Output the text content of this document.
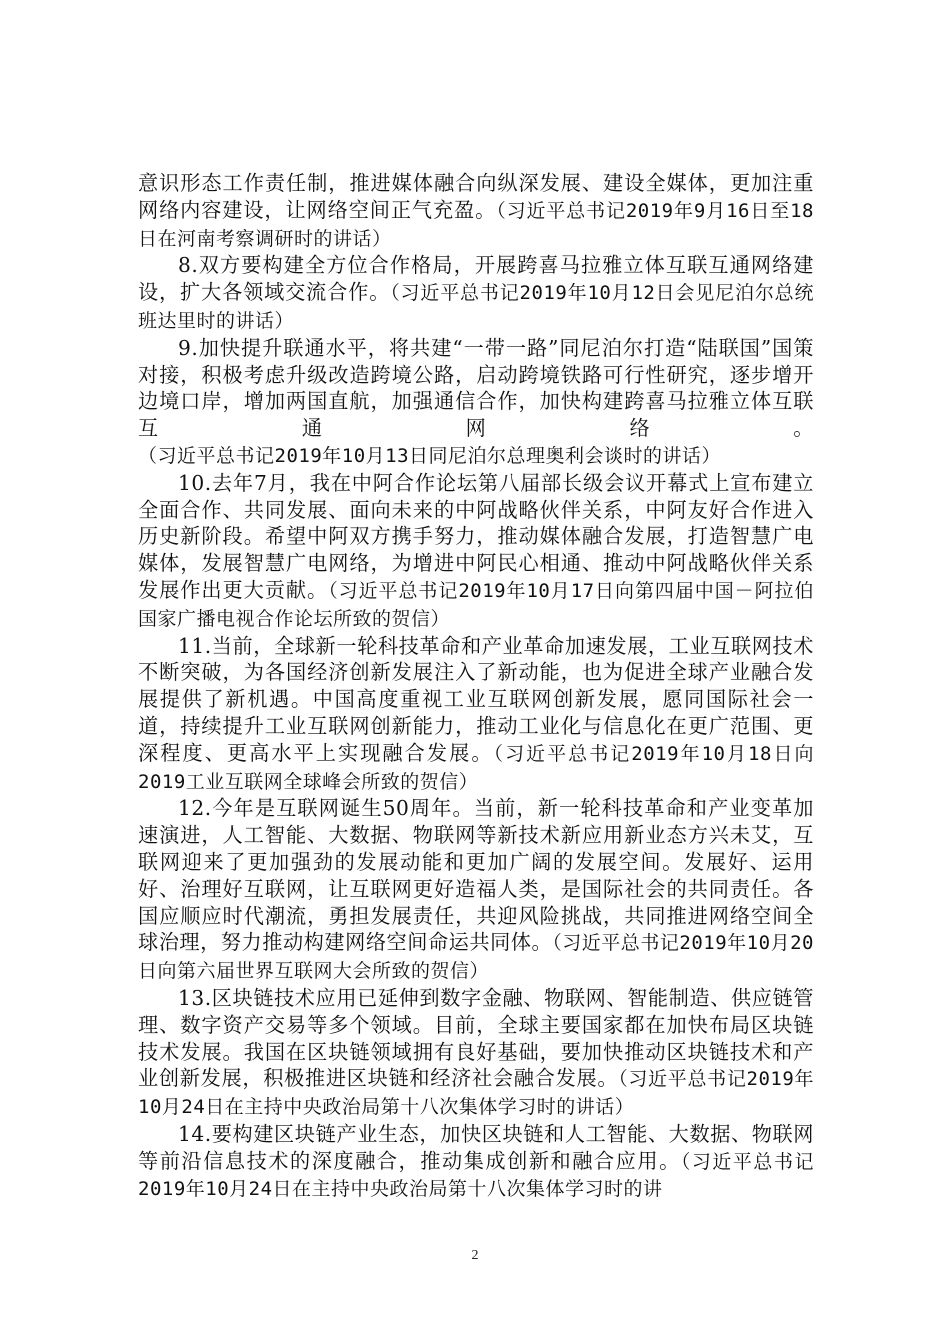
意识形态工作责任制，推进媒体融合向纵深发展、建设全媒体，更加注重网络内容建设，让网络空间正气充盈。（习近平总书记2019年9月16日至18日在河南考察调研时的讲话）

8.双方要构建全方位合作格局，开展跨喜马拉雅立体互联互通网络建设，扩大各领域交流合作。（习近平总书记2019年10月12日会见尼泊尔总统班达里时的讲话）

9.加快提升联通水平，将共建“一带一路”同尼泊尔打造“陆联国”国策对接，积极考虑升级改造跨境公路，启动跨境铁路可行性研究，逐步增开边境口岸，增加两国直航，加强通信合作，加快构建跨喜马拉雅立体互联互通网络。（习近平总书记2019年10月13日同尼泊尔总理奥利会谈时的讲话）

10.去年7月，我在中阿合作论坛第八届部长级会议开幕式上宣布建立全面合作、共同发展、面向未来的中阿战略伙伴关系，中阿友好合作进入历史新阶段。希望中阿双方携手努力，推动媒体融合发展，打造智慧广电媒体，发展智慧广电网络，为增进中阿民心相通、推动中阿战略伙伴关系发展作出更大贡献。（习近平总书记2019年10月17日向第四届中国－阿拉伯国家广播电视合作论坛所致的贺信）

11.当前，全球新一轮科技革命和产业革命加速发展，工业互联网技术不断突破，为各国经济创新发展注入了新动能，也为促进全球产业融合发展提供了新机遇。中国高度重视工业互联网创新发展，愿同国际社会一道，持续提升工业互联网创新能力，推动工业化与信息化在更广范围、更深程度、更高水平上实现融合发展。（习近平总书记2019年10月18日向2019工业互联网全球峰会所致的贺信）

12.今年是互联网诞生50周年。当前，新一轮科技革命和产业变革加速演进，人工智能、大数据、物联网等新技术新应用新业态方兴未艾，互联网迎来了更加强劲的发展动能和更加广阔的发展空间。发展好、运用好、治理好互联网，让互联网更好造福人类，是国际社会的共同责任。各国应顺应时代潮流，勇担发展责任，共迎风险挑战，共同推进网络空间全球治理，努力推动构建网络空间命运共同体。（习近平总书记2019年10月20日向第六届世界互联网大会所致的贺信）

13.区块链技术应用已延伸到数字金融、物联网、智能制造、供应链管理、数字资产交易等多个领域。目前，全球主要国家都在加快布局区块链技术发展。我国在区块链领域拥有良好基础，要加快推动区块链技术和产业创新发展，积极推进区块链和经济社会融合发展。（习近平总书记2019年10月24日在主持中央政治局第十八次集体学习时的讲话）

14.要构建区块链产业生态，加快区块链和人工智能、大数据、物联网等前沿信息技术的深度融合，推动集成创新和融合应用。（习近平总书记2019年10月24日在主持中央政治局第十八次集体学习时的讲

2
